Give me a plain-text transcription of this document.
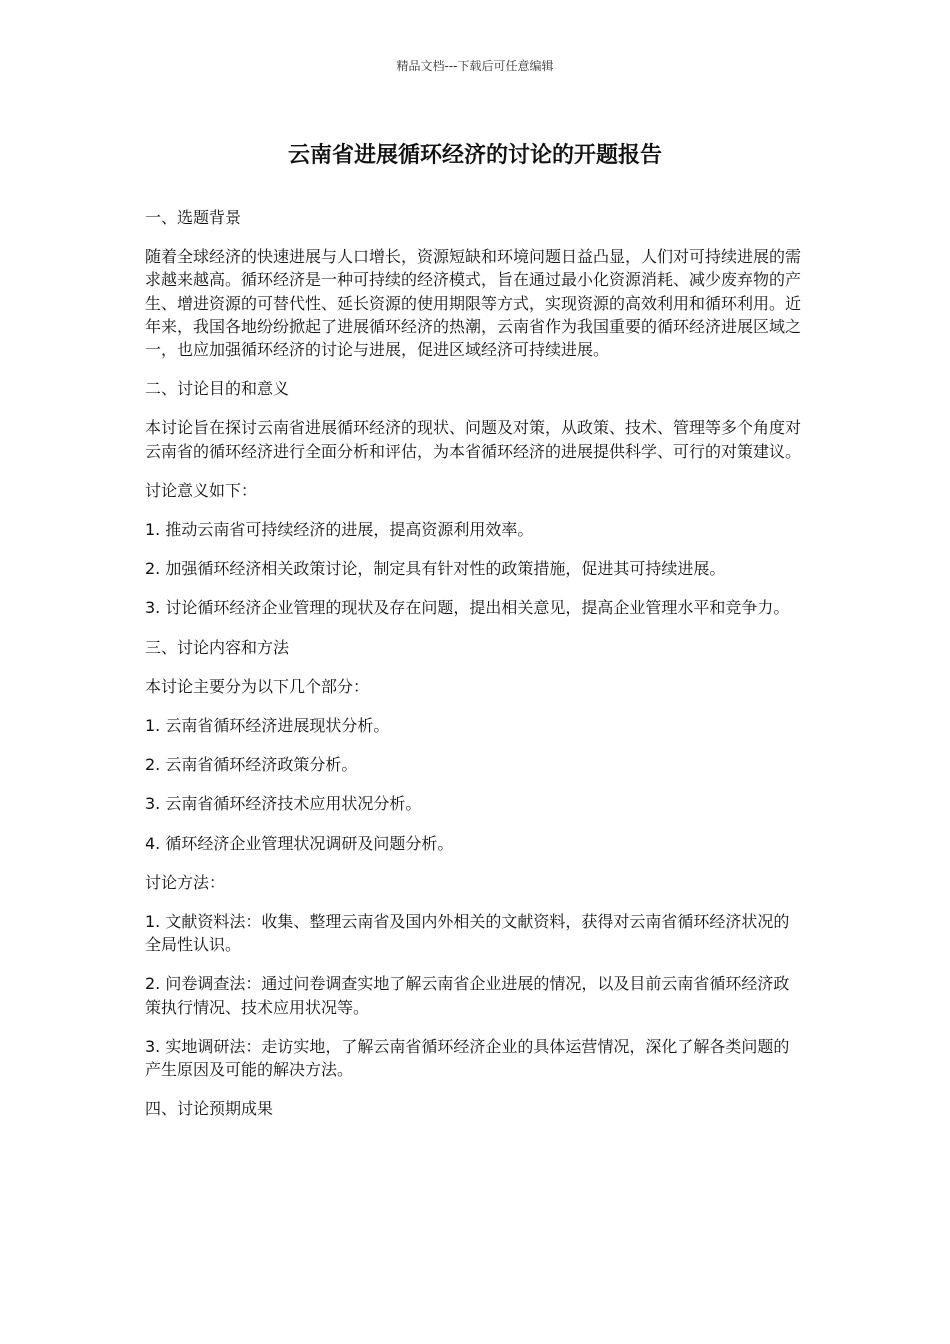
精品文档---下载后可任意编辑
云南省进展循环经济的讨论的开题报告

一、选题背景

随着全球经济的快速进展与人口增长，资源短缺和环境问题日益凸显，人们对可持续进展的需求越来越高。循环经济是一种可持续的经济模式，旨在通过最小化资源消耗、减少废弃物的产生、增进资源的可替代性、延长资源的使用期限等方式，实现资源的高效利用和循环利用。近年来，我国各地纷纷掀起了进展循环经济的热潮，云南省作为我国重要的循环经济进展区域之一，也应加强循环经济的讨论与进展，促进区域经济可持续进展。

二、讨论目的和意义

本讨论旨在探讨云南省进展循环经济的现状、问题及对策，从政策、技术、管理等多个角度对云南省的循环经济进行全面分析和评估，为本省循环经济的进展提供科学、可行的对策建议。

讨论意义如下：

1. 推动云南省可持续经济的进展，提高资源利用效率。

2. 加强循环经济相关政策讨论，制定具有针对性的政策措施，促进其可持续进展。

3. 讨论循环经济企业管理的现状及存在问题，提出相关意见，提高企业管理水平和竞争力。

三、讨论内容和方法

本讨论主要分为以下几个部分：

1. 云南省循环经济进展现状分析。

2. 云南省循环经济政策分析。

3. 云南省循环经济技术应用状况分析。

4. 循环经济企业管理状况调研及问题分析。

讨论方法：

1. 文献资料法：收集、整理云南省及国内外相关的文献资料，获得对云南省循环经济状况的全局性认识。

2. 问卷调查法：通过问卷调查实地了解云南省企业进展的情况，以及目前云南省循环经济政策执行情况、技术应用状况等。

3. 实地调研法：走访实地，了解云南省循环经济企业的具体运营情况，深化了解各类问题的产生原因及可能的解决方法。

四、讨论预期成果
